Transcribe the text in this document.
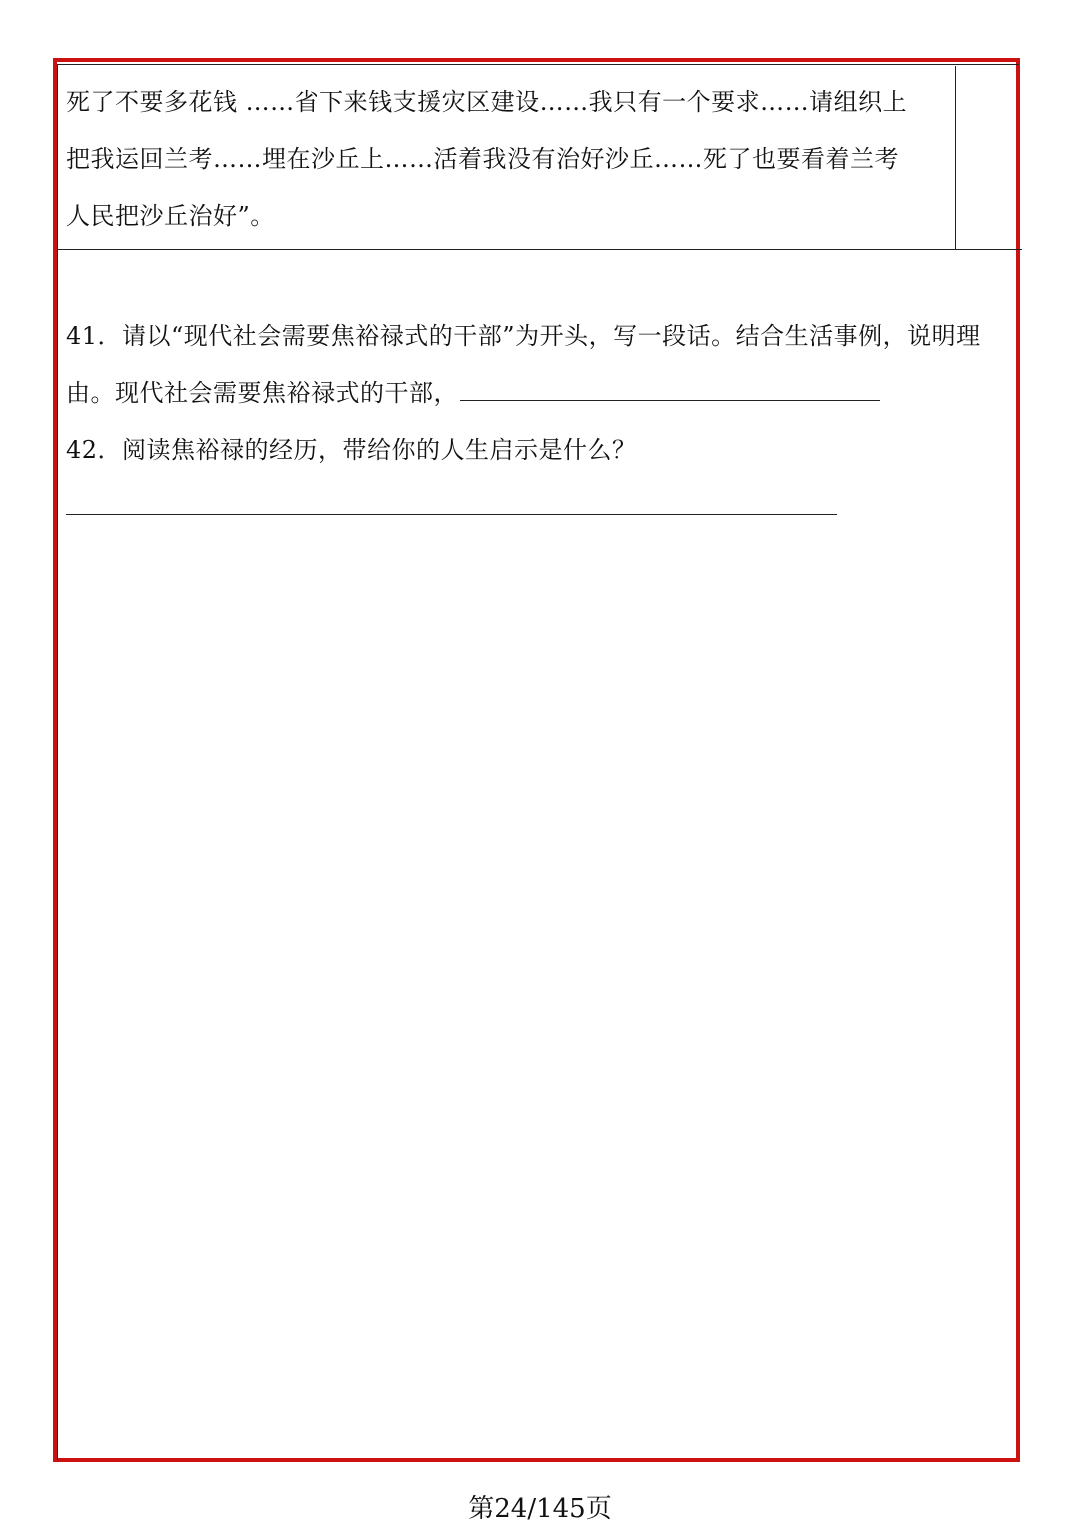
死了不要多花钱 ……省下来钱支援灾区建设……我只有一个要求……请组织上
把我运回兰考……埋在沙丘上……活着我没有治好沙丘……死了也要看着兰考
人民把沙丘治好”。
41．请以“现代社会需要焦裕禄式的干部”为开头，写一段话。结合生活事例，说明理
由。现代社会需要焦裕禄式的干部，
42．阅读焦裕禄的经历，带给你的人生启示是什么？
第24/145页
